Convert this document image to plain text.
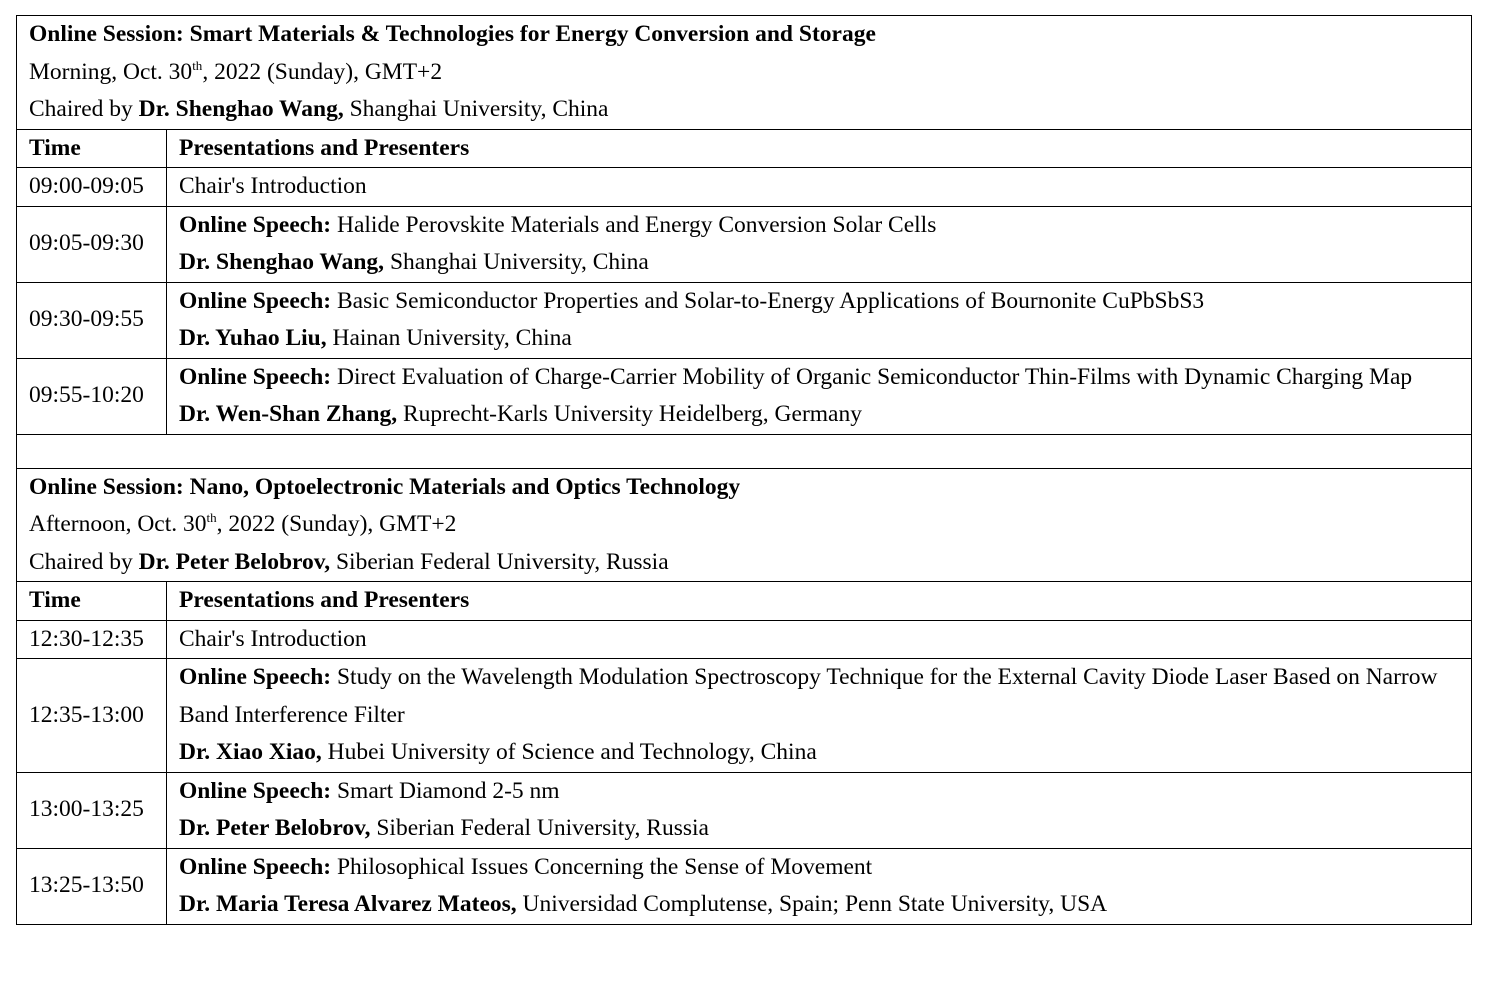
Online Session: Smart Materials & Technologies for Energy Conversion and Storage
Morning, Oct. 30th, 2022 (Sunday), GMT+2
Chaired by Dr. Shenghao Wang, Shanghai University, China	

Time	Presentations and Presenters
09:00-09:05	Chair's Introduction
09:05-09:30	Online Speech: Halide Perovskite Materials and Energy Conversion Solar Cells
Dr. Shenghao Wang, Shanghai University, China

09:30-09:55	Online Speech: Basic Semiconductor Properties and Solar-to-Energy Applications of Bournonite CuPbSbS3
Dr. Yuhao Liu, Hainan University, China

09:55-10:20	Online Speech: Direct Evaluation of Charge-Carrier Mobility of Organic Semiconductor Thin-Films with Dynamic Charging Map
Dr. Wen-Shan Zhang, Ruprecht-Karls University Heidelberg, Germany

Online Session: Nano, Optoelectronic Materials and Optics Technology
Afternoon, Oct. 30th, 2022 (Sunday), GMT+2
Chaired by Dr. Peter Belobrov, Siberian Federal University, Russia	

Time	Presentations and Presenters
12:30-12:35	Chair's Introduction
12:35-13:00	Online Speech: Study on the Wavelength Modulation Spectroscopy Technique for the External Cavity Diode Laser Based on Narrow Band Interference Filter
Dr. Xiao Xiao, Hubei University of Science and Technology, China

13:00-13:25	Online Speech: Smart Diamond 2-5 nm
Dr. Peter Belobrov, Siberian Federal University, Russia

13:25-13:50	Online Speech: Philosophical Issues Concerning the Sense of Movement
Dr. Maria Teresa Alvarez Mateos, Universidad Complutense, Spain; Penn State University, USA
